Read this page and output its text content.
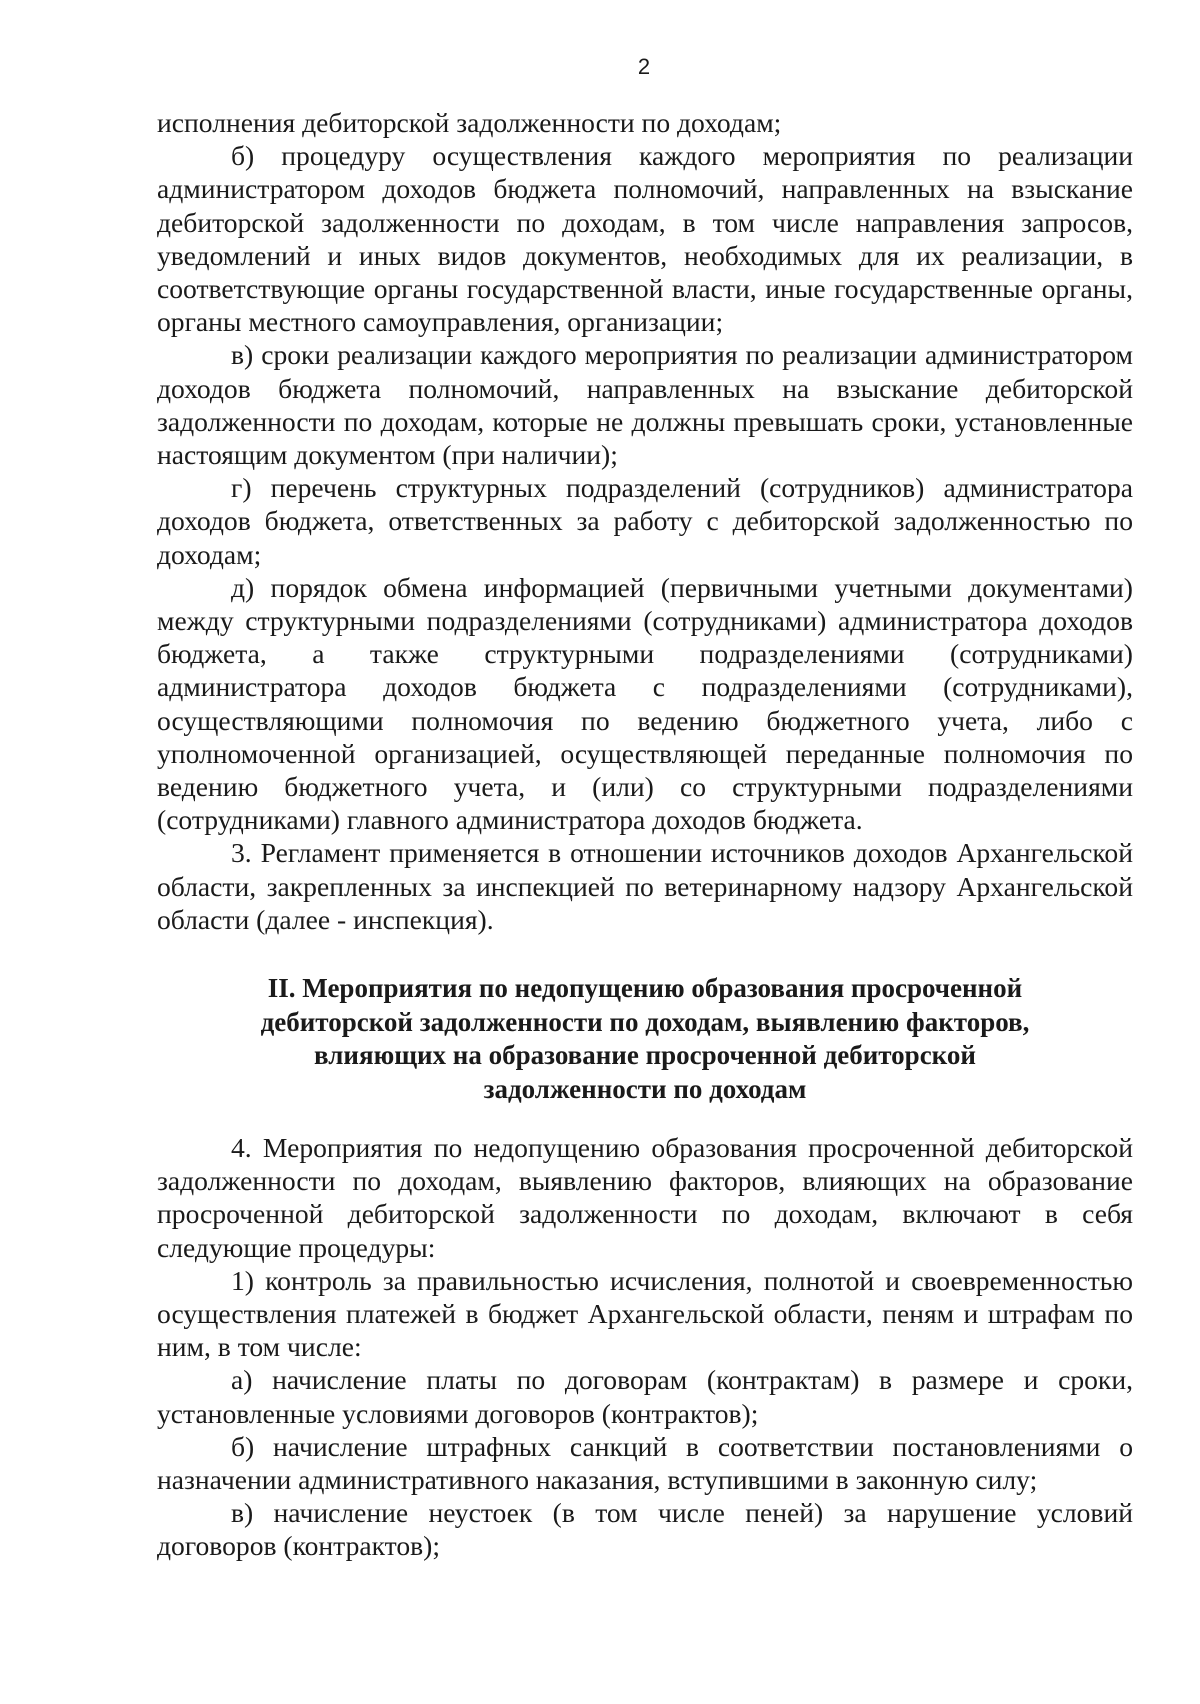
2

исполнения дебиторской задолженности по доходам;

б) процедуру осуществления каждого мероприятия по реализации администратором доходов бюджета полномочий, направленных на взыскание дебиторской задолженности по доходам, в том числе направления запросов, уведомлений и иных видов документов, необходимых для их реализации, в соответствующие органы государственной власти, иные государственные органы, органы местного самоуправления, организации;

в) сроки реализации каждого мероприятия по реализации администратором доходов бюджета полномочий, направленных на взыскание дебиторской задолженности по доходам, которые не должны превышать сроки, установленные настоящим документом (при наличии);

г) перечень структурных подразделений (сотрудников) администратора доходов бюджета, ответственных за работу с дебиторской задолженностью по доходам;

д) порядок обмена информацией (первичными учетными документами) между структурными подразделениями (сотрудниками) администратора доходов бюджета, а также структурными подразделениями (сотрудниками) администратора доходов бюджета с подразделениями (сотрудниками), осуществляющими полномочия по ведению бюджетного учета, либо с уполномоченной организацией, осуществляющей переданные полномочия по ведению бюджетного учета, и (или) со структурными подразделениями (сотрудниками) главного администратора доходов бюджета.

3. Регламент применяется в отношении источников доходов Архангельской области, закрепленных за инспекцией по ветеринарному надзору Архангельской области (далее - инспекция).

II. Мероприятия по недопущению образования просроченной
дебиторской задолженности по доходам, выявлению факторов,
влияющих на образование просроченной дебиторской
задолженности по доходам

4. Мероприятия по недопущению образования просроченной дебиторской задолженности по доходам, выявлению факторов, влияющих на образование просроченной дебиторской задолженности по доходам, включают в себя следующие процедуры:

1) контроль за правильностью исчисления, полнотой и своевременностью осуществления платежей в бюджет Архангельской области, пеням и штрафам по ним, в том числе:

а) начисление платы по договорам (контрактам) в размере и сроки, установленные условиями договоров (контрактов);

б) начисление штрафных санкций в соответствии постановлениями о назначении административного наказания, вступившими в законную силу;

в) начисление неустоек (в том числе пеней) за нарушение условий договоров (контрактов);
